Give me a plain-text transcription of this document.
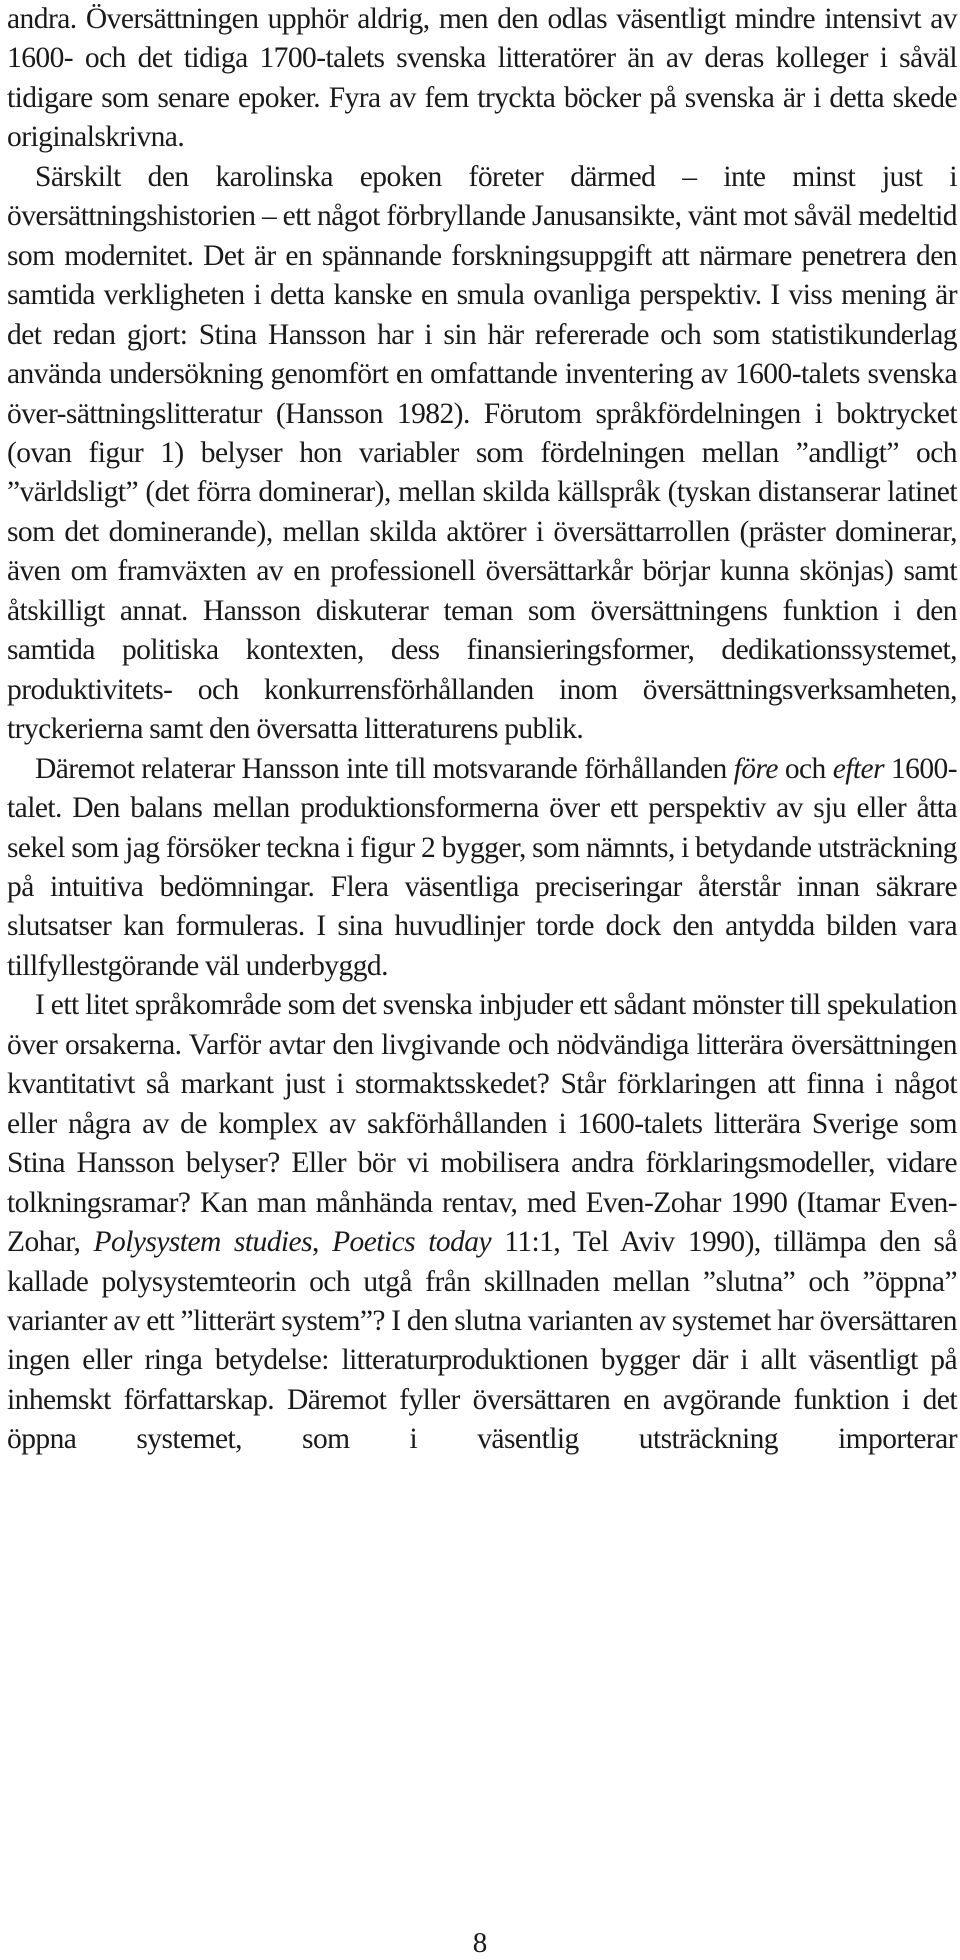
andra. Översättningen upphör aldrig, men den odlas väsentligt mindre intensivt av 1600- och det tidiga 1700-talets svenska litteratörer än av deras kolleger i såväl tidigare som senare epoker. Fyra av fem tryckta böcker på svenska är i detta skede originalskrivna.

Särskilt den karolinska epoken företer därmed – inte minst just i översättningshistorien – ett något förbryllande Janusansikte, vänt mot såväl medeltid som modernitet. Det är en spännande forskningsuppgift att närmare penetrera den samtida verkligheten i detta kanske en smula ovanliga perspektiv. I viss mening är det redan gjort: Stina Hansson har i sin här refererade och som statistikunderlag använda undersökning genomfört en omfattande inventering av 1600-talets svenska över-sättningslitteratur (Hansson 1982). Förutom språkfördelningen i boktrycket (ovan figur 1) belyser hon variabler som fördelningen mellan ”andligt” och ”världsligt” (det förra dominerar), mellan skilda källspråk (tyskan distanserar latinet som det dominerande), mellan skilda aktörer i översättarrollen (präster dominerar, även om framväxten av en professionell översättarkår börjar kunna skönjas) samt åtskilligt annat. Hansson diskuterar teman som översättningens funktion i den samtida politiska kontexten, dess finansieringsformer, dedikationssystemet, produktivitets- och konkurrensförhållanden inom översättningsverksamheten, tryckerierna samt den översatta litteraturens publik.

Däremot relaterar Hansson inte till motsvarande förhållanden före och efter 1600-talet. Den balans mellan produktionsformerna över ett perspektiv av sju eller åtta sekel som jag försöker teckna i figur 2 bygger, som nämnts, i betydande utsträckning på intuitiva bedömningar. Flera väsentliga preciseringar återstår innan säkrare slutsatser kan formuleras. I sina huvudlinjer torde dock den antydda bilden vara tillfyllestgörande väl underbyggd.

I ett litet språkområde som det svenska inbjuder ett sådant mönster till spekulation över orsakerna. Varför avtar den livgivande och nödvändiga litterära översättningen kvantitativt så markant just i stormaktsskedet? Står förklaringen att finna i något eller några av de komplex av sakförhållanden i 1600-talets litterära Sverige som Stina Hansson belyser? Eller bör vi mobilisera andra förklaringsmodeller, vidare tolkningsramar? Kan man månhända rentav, med Even-Zohar 1990 (Itamar Even-Zohar, Polysystem studies, Poetics today 11:1, Tel Aviv 1990), tillämpa den så kallade polysystemteorin och utgå från skillnaden mellan ”slutna” och ”öppna” varianter av ett ”litterärt system”? I den slutna varianten av systemet har översättaren ingen eller ringa betydelse: litteraturproduktionen bygger där i allt väsentligt på inhemskt författarskap. Däremot fyller översättaren en avgörande funktion i det öppna systemet, som i väsentlig utsträckning importerar

8
